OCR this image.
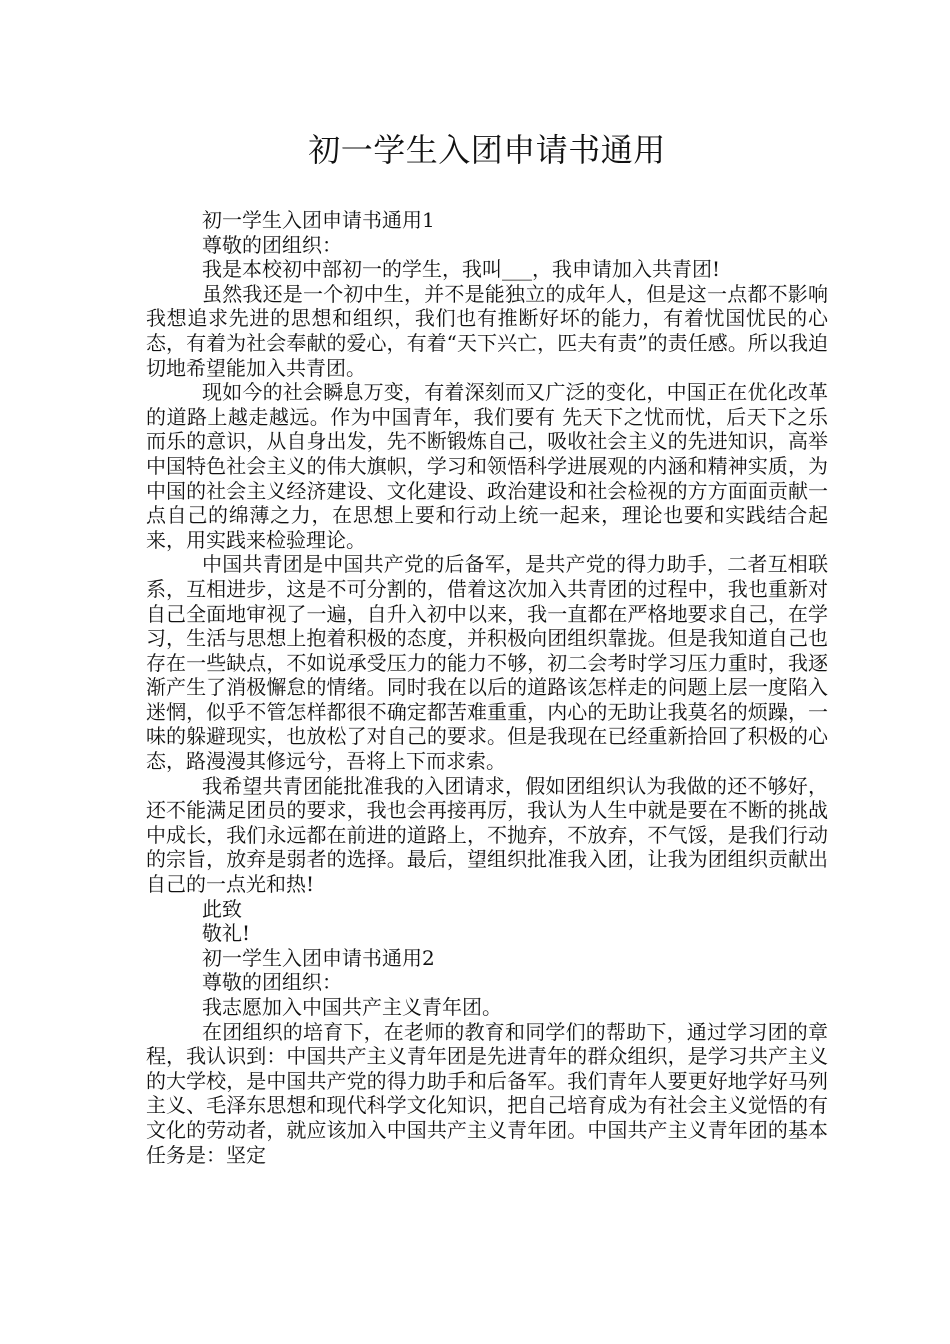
初一学生入团申请书通用

初一学生入团申请书通用1

尊敬的团组织：

我是本校初中部初一的学生，我叫___，我申请加入共青团!

虽然我还是一个初中生，并不是能独立的成年人，但是这一点都不影响我想追求先进的思想和组织，我们也有推断好坏的能力，有着忧国忧民的心态，有着为社会奉献的爱心，有着“天下兴亡，匹夫有责”的责任感。所以我迫切地希望能加入共青团。

现如今的社会瞬息万变，有着深刻而又广泛的变化，中国正在优化改革的道路上越走越远。作为中国青年，我们要有 先天下之忧而忧，后天下之乐而乐的意识，从自身出发，先不断锻炼自己，吸收社会主义的先进知识，高举中国特色社会主义的伟大旗帜，学习和领悟科学进展观的内涵和精神实质，为中国的社会主义经济建设、文化建设、政治建设和社会检视的方方面面贡献一点自己的绵薄之力，在思想上要和行动上统一起来，理论也要和实践结合起来，用实践来检验理论。

中国共青团是中国共产党的后备军，是共产党的得力助手，二者互相联系，互相进步，这是不可分割的，借着这次加入共青团的过程中，我也重新对自己全面地审视了一遍，自升入初中以来，我一直都在严格地要求自己，在学习，生活与思想上抱着积极的态度，并积极向团组织靠拢。但是我知道自己也存在一些缺点，不如说承受压力的能力不够，初二会考时学习压力重时，我逐渐产生了消极懈怠的情绪。同时我在以后的道路该怎样走的问题上层一度陷入迷惘，似乎不管怎样都很不确定都苦难重重，内心的无助让我莫名的烦躁，一味的躲避现实，也放松了对自己的要求。但是我现在已经重新拾回了积极的心态，路漫漫其修远兮，吾将上下而求索。

我希望共青团能批准我的入团请求，假如团组织认为我做的还不够好，还不能满足团员的要求，我也会再接再厉，我认为人生中就是要在不断的挑战中成长，我们永远都在前进的道路上，不抛弃，不放弃，不气馁，是我们行动的宗旨，放弃是弱者的选择。最后，望组织批准我入团，让我为团组织贡献出自己的一点光和热!

此致

敬礼!

初一学生入团申请书通用2

尊敬的团组织：

我志愿加入中国共产主义青年团。

在团组织的培育下，在老师的教育和同学们的帮助下，通过学习团的章程，我认识到：中国共产主义青年团是先进青年的群众组织，是学习共产主义的大学校，是中国共产党的得力助手和后备军。我们青年人要更好地学好马列主义、毛泽东思想和现代科学文化知识，把自己培育成为有社会主义觉悟的有文化的劳动者，就应该加入中国共产主义青年团。中国共产主义青年团的基本任务是：坚定
